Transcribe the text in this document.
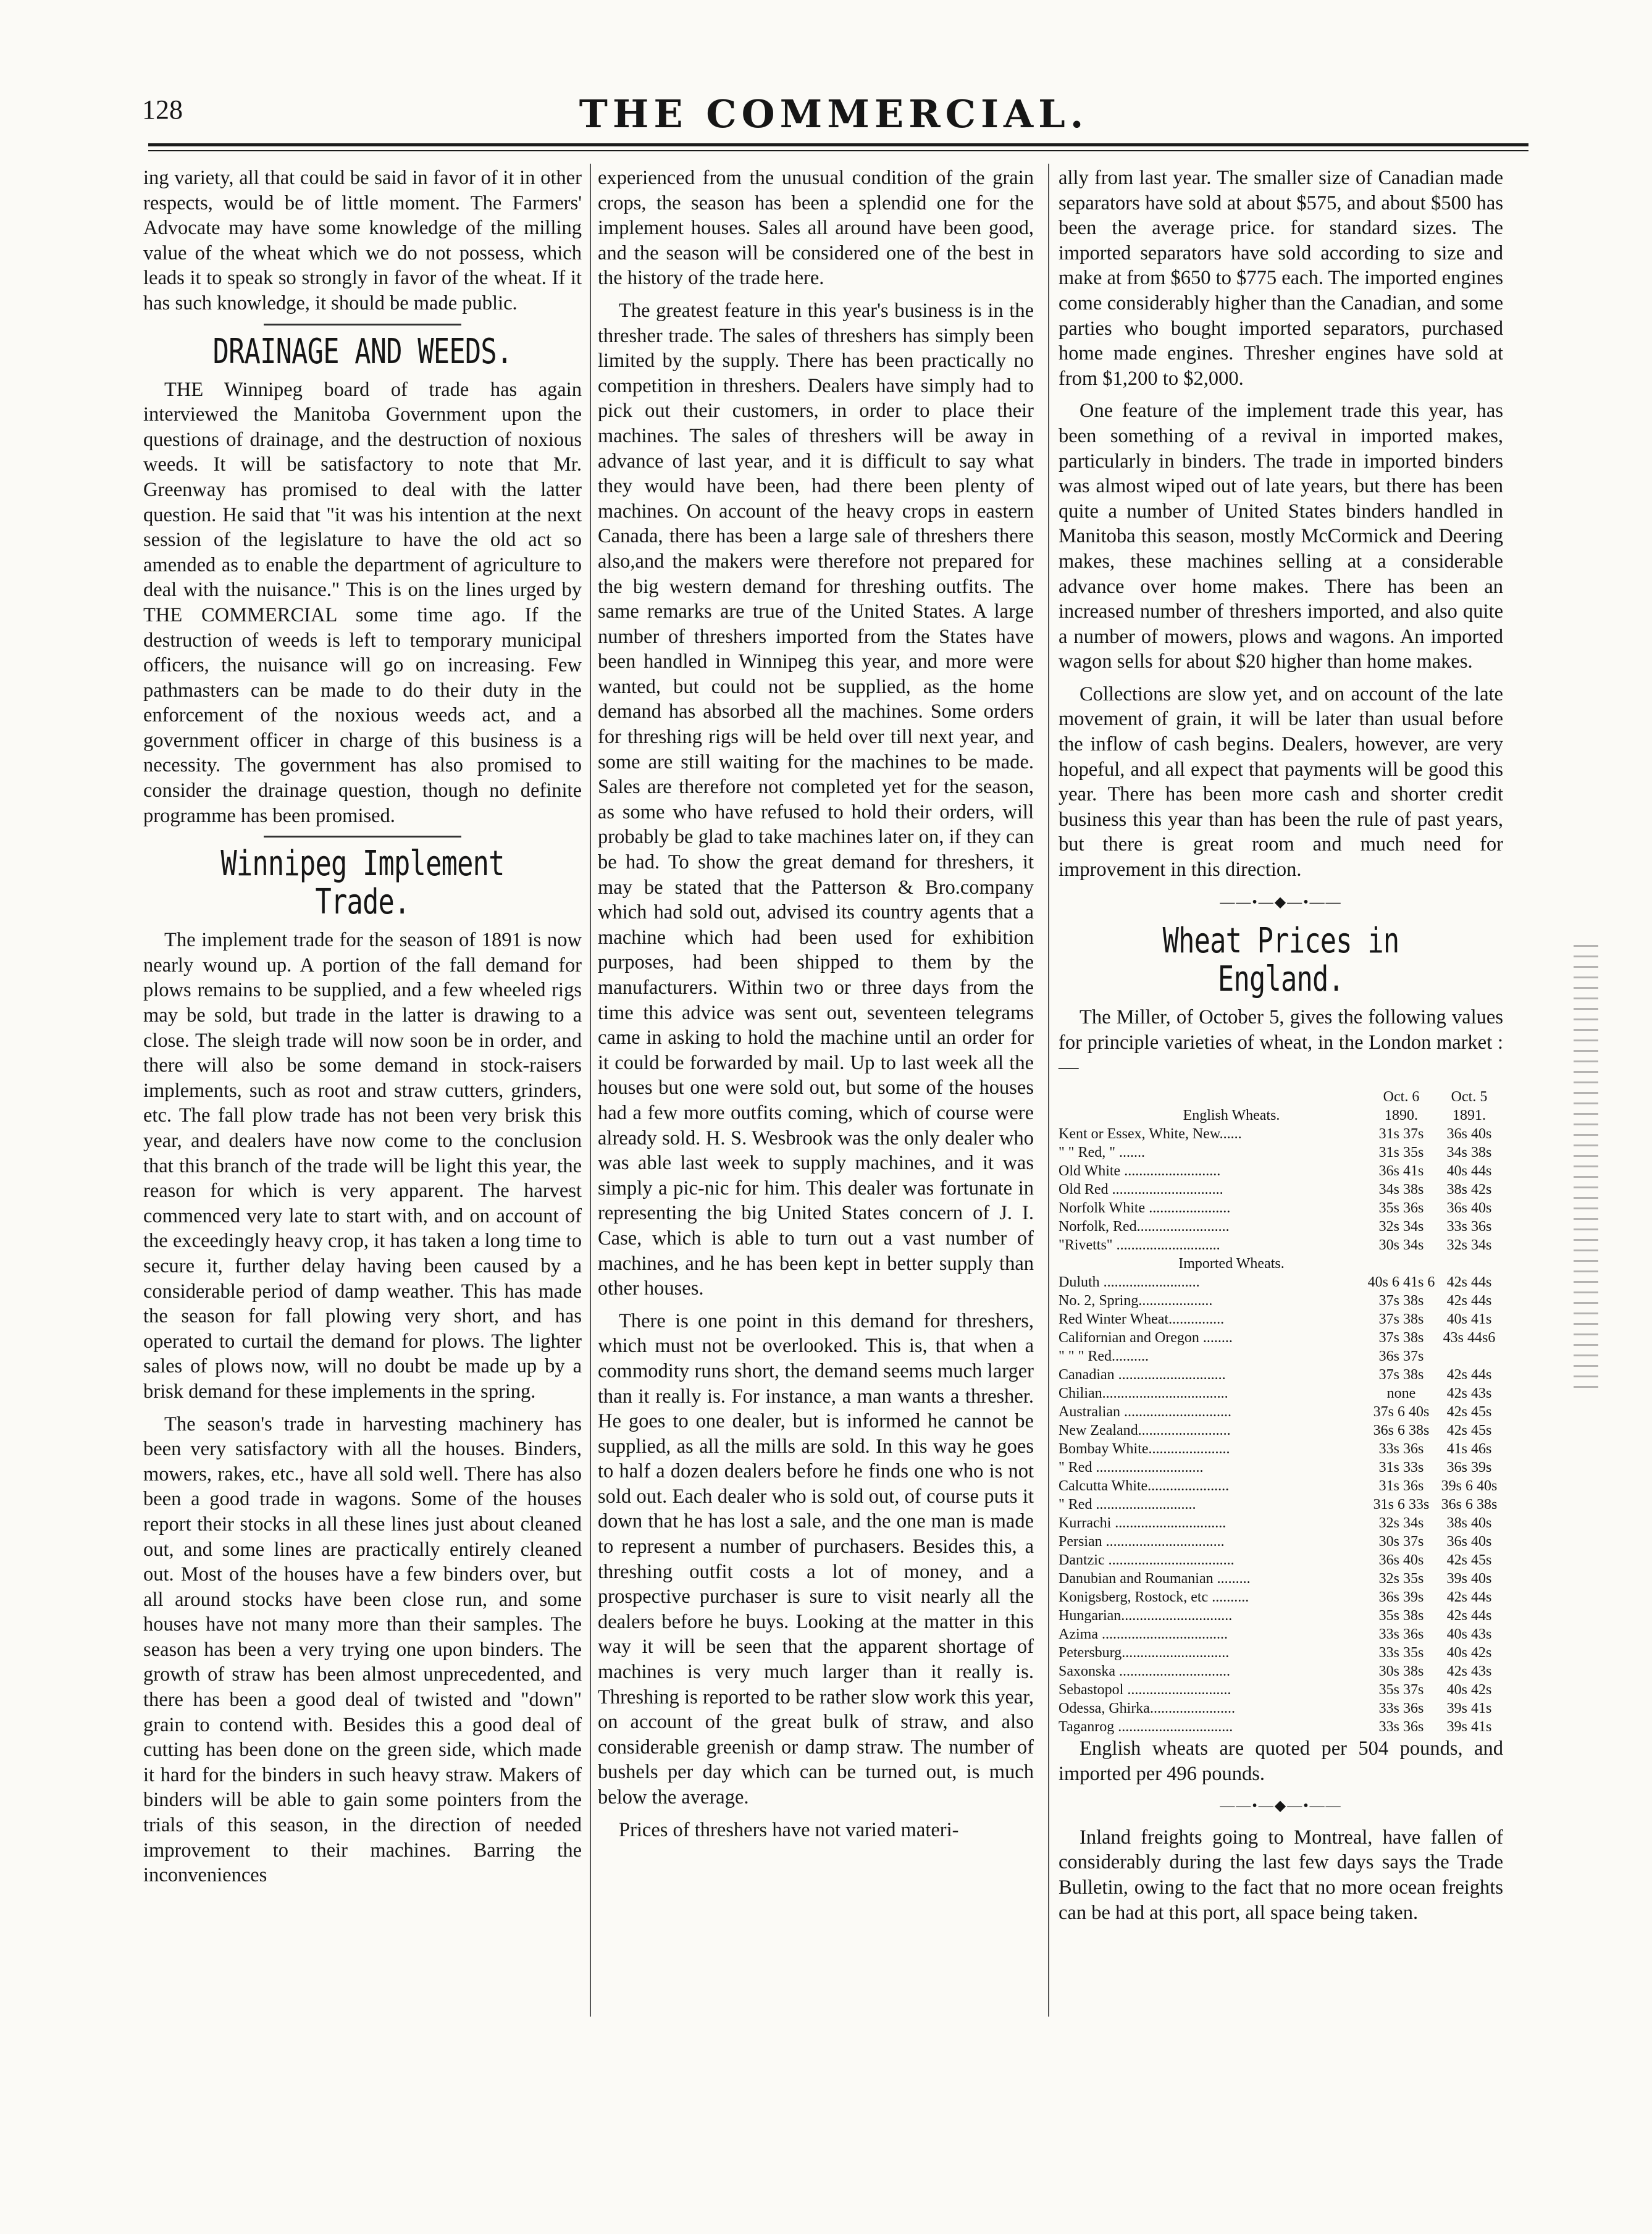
128	THE COMMERCIAL.

ing variety, all that could be said in favor of it in other respects, would be of little moment. The Farmers' Advocate may have some knowledge of the milling value of the wheat which we do not possess, which leads it to speak so strongly in favor of the wheat. If it has such knowledge, it should be made public.

DRAINAGE AND WEEDS.

THE Winnipeg board of trade has again interviewed the Manitoba Government upon the questions of drainage, and the destruction of noxious weeds. It will be satisfactory to note that Mr. Greenway has promised to deal with the latter question. He said that "it was his intention at the next session of the legislature to have the old act so amended as to enable the department of agriculture to deal with the nuisance." This is on the lines urged by THE COMMERCIAL some time ago. If the destruction of weeds is left to temporary municipal officers, the nuisance will go on increasing. Few pathmasters can be made to do their duty in the enforcement of the noxious weeds act, and a government officer in charge of this business is a necessity. The government has also promised to consider the drainage question, though no definite programme has been promised.

Winnipeg Implement Trade.

The implement trade for the season of 1891 is now nearly wound up. A portion of the fall demand for plows remains to be supplied, and a few wheeled rigs may be sold, but trade in the latter is drawing to a close. The sleigh trade will now soon be in order, and there will also be some demand in stock-raisers implements, such as root and straw cutters, grinders, etc. The fall plow trade has not been very brisk this year, and dealers have now come to the conclusion that this branch of the trade will be light this year, the reason for which is very apparent. The harvest commenced very late to start with, and on account of the exceedingly heavy crop, it has taken a long time to secure it, further delay having been caused by a considerable period of damp weather. This has made the season for fall plowing very short, and has operated to curtail the demand for plows. The lighter sales of plows now, will no doubt be made up by a brisk demand for these implements in the spring.

The season's trade in harvesting machinery has been very satisfactory with all the houses. Binders, mowers, rakes, etc., have all sold well. There has also been a good trade in wagons. Some of the houses report their stocks in all these lines just about cleaned out, and some lines are practically entirely cleaned out. Most of the houses have a few binders over, but all around stocks have been close run, and some houses have not many more than their samples. The season has been a very trying one upon binders. The growth of straw has been almost unprecedented, and there has been a good deal of twisted and "down" grain to contend with. Besides this a good deal of cutting has been done on the green side, which made it hard for the binders in such heavy straw. Makers of binders will be able to gain some pointers from the trials of this season, in the direction of needed improvement to their machines. Barring the inconveniences

experienced from the unusual condition of the grain crops, the season has been a splendid one for the implement houses. Sales all around have been good, and the season will be considered one of the best in the history of the trade here.

The greatest feature in this year's business is in the thresher trade. The sales of threshers has simply been limited by the supply. There has been practically no competition in threshers. Dealers have simply had to pick out their customers, in order to place their machines. The sales of threshers will be away in advance of last year, and it is difficult to say what they would have been, had there been plenty of machines. On account of the heavy crops in eastern Canada, there has been a large sale of threshers there also,and the makers were therefore not prepared for the big western demand for threshing outfits. The same remarks are true of the United States. A large number of threshers imported from the States have been handled in Winnipeg this year, and more were wanted, but could not be supplied, as the home demand has absorbed all the machines. Some orders for threshing rigs will be held over till next year, and some are still waiting for the machines to be made. Sales are therefore not completed yet for the season, as some who have refused to hold their orders, will probably be glad to take machines later on, if they can be had. To show the great demand for threshers, it may be stated that the Patterson & Bro.company which had sold out, advised its country agents that a machine which had been used for exhibition purposes, had been shipped to them by the manufacturers. Within two or three days from the time this advice was sent out, seventeen telegrams came in asking to hold the machine until an order for it could be forwarded by mail. Up to last week all the houses but one were sold out, but some of the houses had a few more outfits coming, which of course were already sold. H. S. Wesbrook was the only dealer who was able last week to supply machines, and it was simply a pic-nic for him. This dealer was fortunate in representing the big United States concern of J. I. Case, which is able to turn out a vast number of machines, and he has been kept in better supply than other houses.

There is one point in this demand for threshers, which must not be overlooked. This is, that when a commodity runs short, the demand seems much larger than it really is. For instance, a man wants a thresher. He goes to one dealer, but is informed he cannot be supplied, as all the mills are sold. In this way he goes to half a dozen dealers before he finds one who is not sold out. Each dealer who is sold out, of course puts it down that he has lost a sale, and the one man is made to represent a number of purchasers. Besides this, a threshing outfit costs a lot of money, and a prospective purchaser is sure to visit nearly all the dealers before he buys. Looking at the matter in this way it will be seen that the apparent shortage of machines is very much larger than it really is. Threshing is reported to be rather slow work this year, on account of the great bulk of straw, and also considerable greenish or damp straw. The number of bushels per day which can be turned out, is much below the average.

Prices of threshers have not varied materi-

ally from last year. The smaller size of Canadian made separators have sold at about $575, and about $500 has been the average price. for standard sizes. The imported separators have sold according to size and make at from $650 to $775 each. The imported engines come considerably higher than the Canadian, and some parties who bought imported separators, purchased home made engines. Thresher engines have sold at from $1,200 to $2,000.

One feature of the implement trade this year, has been something of a revival in imported makes, particularly in binders. The trade in imported binders was almost wiped out of late years, but there has been quite a number of United States binders handled in Manitoba this season, mostly McCormick and Deering makes, these machines selling at a considerable advance over home makes. There has been an increased number of threshers imported, and also quite a number of mowers, plows and wagons. An imported wagon sells for about $20 higher than home makes.

Collections are slow yet, and on account of the late movement of grain, it will be later than usual before the inflow of cash begins. Dealers, however, are very hopeful, and all expect that payments will be good this year. There has been more cash and shorter credit business this year than has been the rule of past years, but there is great room and much need for improvement in this direction.

——•—◆—•——
Wheat Prices in England.

The Miller, of October 5, gives the following values for principle varieties of wheat, in the London market :—

	Oct. 6	Oct. 5
English Wheats.	1890.	1891.
Kent or Essex, White, New......	31s 37s	36s 40s
" " Red, " .......	31s 35s	34s 38s
Old White ..........................	36s 41s	40s 44s
Old Red ..............................	34s 38s	38s 42s
Norfolk White ......................	35s 36s	36s 40s
Norfolk, Red.........................	32s 34s	33s 36s
"Rivetts" ............................	30s 34s	32s 34s
Imported Wheats.		
Duluth ..........................	40s 6 41s 6	42s 44s
No. 2, Spring....................	37s 38s	42s 44s
Red Winter Wheat...............	37s 38s	40s 41s
Californian and Oregon ........	37s 38s	43s 44s6
" " " Red..........	36s 37s	
Canadian .............................	37s 38s	42s 44s
Chilian..................................	none	42s 43s
Australian .............................	37s 6 40s	42s 45s
New Zealand.........................	36s 6 38s	42s 45s
Bombay White......................	33s 36s	41s 46s
" Red .............................	31s 33s	36s 39s
Calcutta White......................	31s 36s	39s 6 40s
" Red ...........................	31s 6 33s	36s 6 38s
Kurrachi ..............................	32s 34s	38s 40s
Persian ................................	30s 37s	36s 40s
Dantzic ..................................	36s 40s	42s 45s
Danubian and Roumanian .........	32s 35s	39s 40s
Konigsberg, Rostock, etc ..........	36s 39s	42s 44s
Hungarian..............................	35s 38s	42s 44s
Azima ..................................	33s 36s	40s 43s
Petersburg.............................	33s 35s	40s 42s
Saxonska ..............................	30s 38s	42s 43s
Sebastopol ............................	35s 37s	40s 42s
Odessa, Ghirka.......................	33s 36s	39s 41s
Taganrog ...............................	33s 36s	39s 41s

English wheats are quoted per 504 pounds, and imported per 496 pounds.

——•—◆—•——

Inland freights going to Montreal, have fallen of considerably during the last few days says the Trade Bulletin, owing to the fact that no more ocean freights can be had at this port, all space being taken.
